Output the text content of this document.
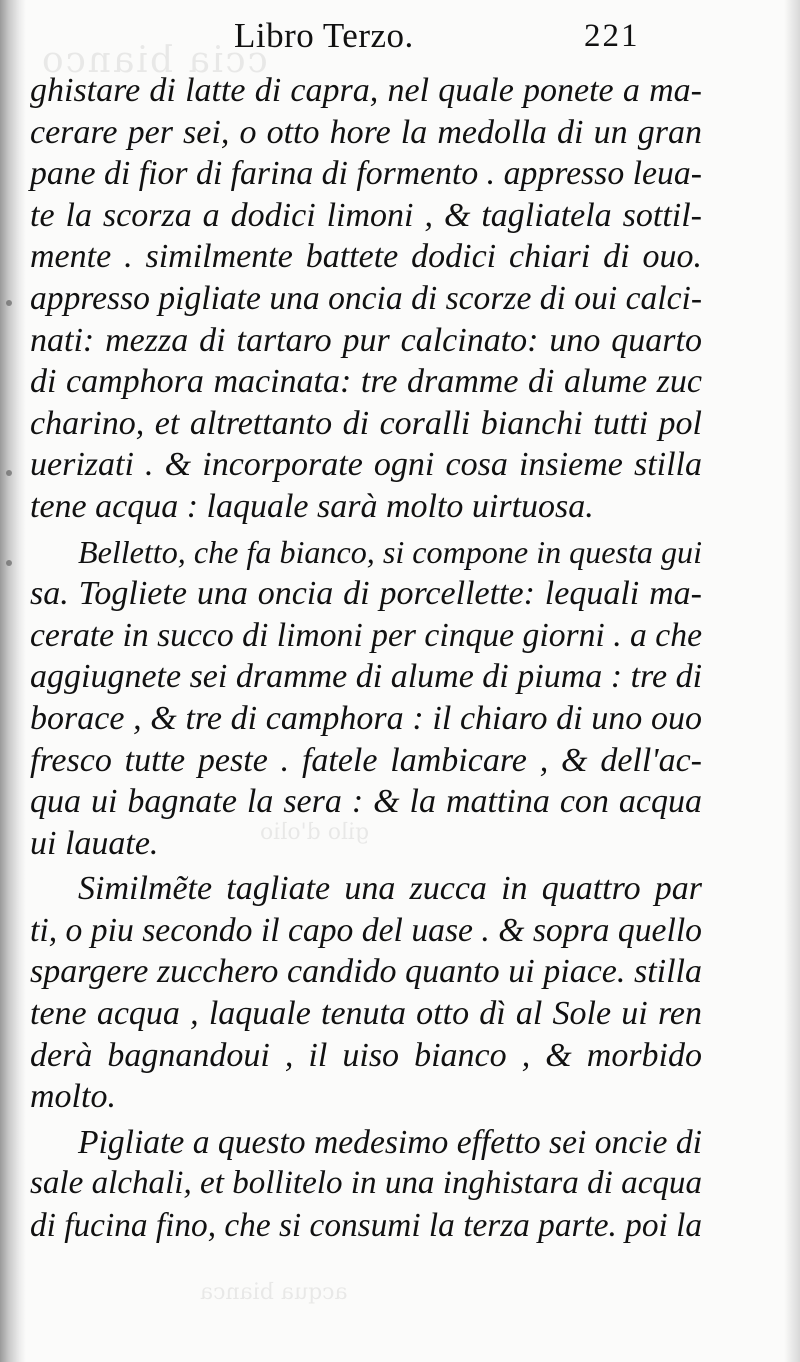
ccia bianco
gilo d'olio
acqua bianca
Libro Terzo.	221
ghistare di latte di capra, nel quale ponete a ma-
cerare per sei, o otto hore la medolla di un gran
pane di fior di farina di formento . appresso leua-
te la scorza a dodici limoni , & tagliatela sottil-
mente . similmente battete dodici chiari di ouo.
appresso pigliate una oncia di scorze di oui calci-
nati: mezza di tartaro pur calcinato: uno quarto
di camphora macinata: tre dramme di alume zuc
charino, et altrettanto di coralli bianchi tutti pol
uerizati . & incorporate ogni cosa insieme stilla
tene acqua : laquale sarà molto uirtuosa.
Belletto, che fa bianco, si compone in questa gui
sa. Togliete una oncia di porcellette: lequali ma-
cerate in succo di limoni per cinque giorni . a che
aggiugnete sei dramme di alume di piuma : tre di
borace , & tre di camphora : il chiaro di uno ouo
fresco tutte peste . fatele lambicare , & dell'ac-
qua ui bagnate la sera : & la mattina con acqua
ui lauate.
Similmẽte tagliate una zucca in quattro par
ti, o piu secondo il capo del uase . & sopra quello
spargere zucchero candido quanto ui piace. stilla
tene acqua , laquale tenuta otto dì al Sole ui ren
derà bagnandoui , il uiso bianco , & morbido
molto.
Pigliate a questo medesimo effetto sei oncie di
sale alchali, et bollitelo in una inghistara di acqua
di fucina fino, che si consumi la terza parte. poi la
